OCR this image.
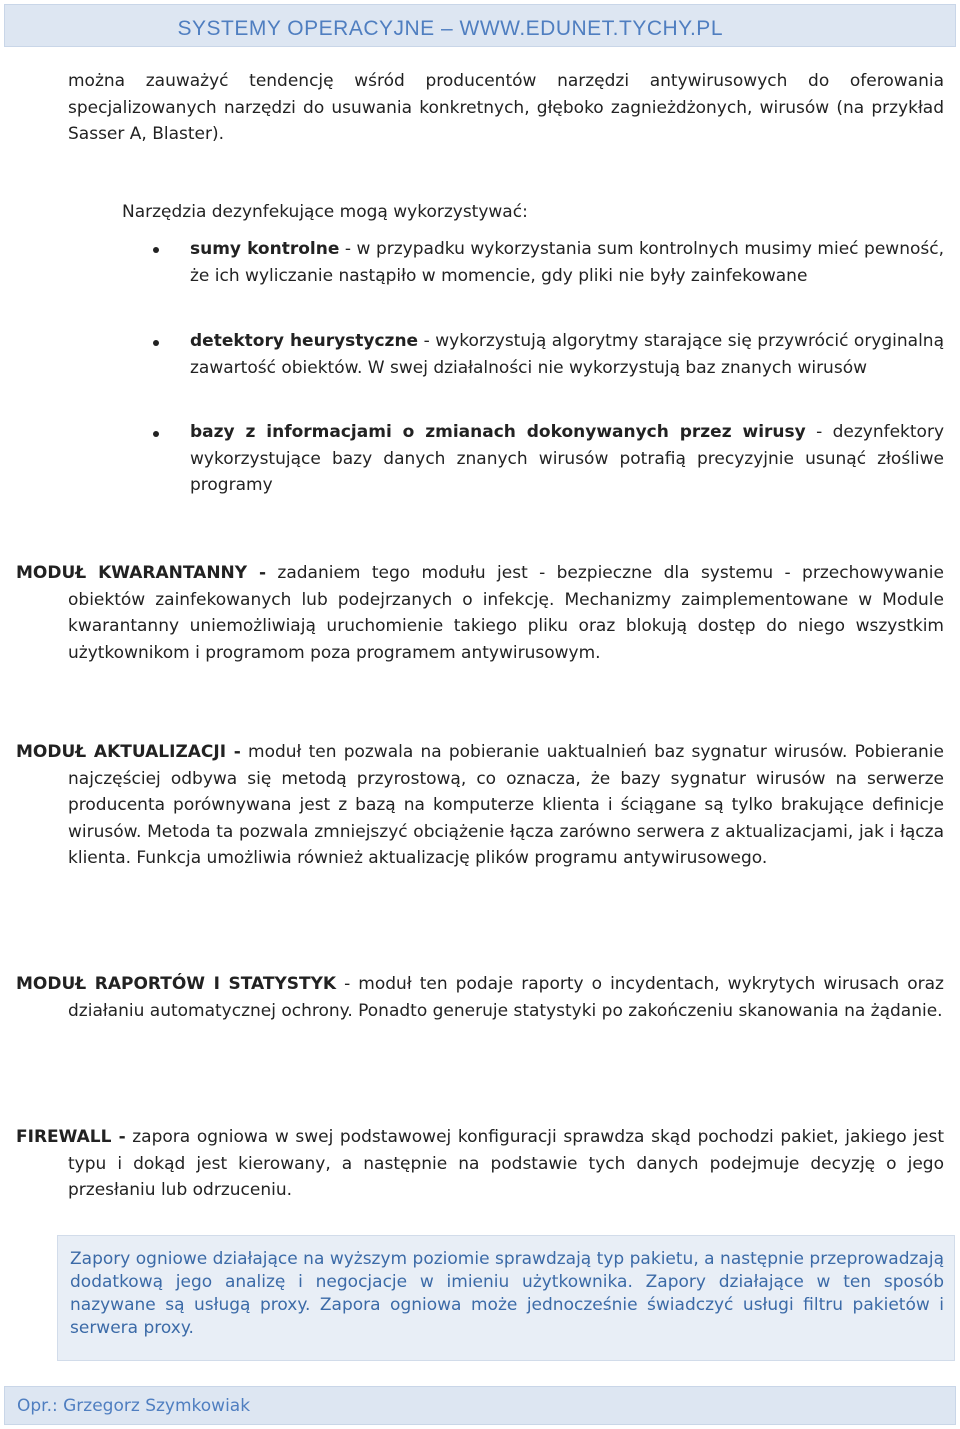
SYSTEMY OPERACYJNE – WWW.EDUNET.TYCHY.PL

można zauważyć tendencję wśród producentów narzędzi antywirusowych do oferowania specjalizowanych narzędzi do usuwania konkretnych, głęboko zagnieżdżonych, wirusów (na przykład Sasser A, Blaster).

Narzędzia dezynfekujące mogą wykorzystywać:

sumy kontrolne - w przypadku wykorzystania sum kontrolnych musimy mieć pewność, że ich wyliczanie nastąpiło w momencie, gdy pliki nie były zainfekowane
detektory heurystyczne - wykorzystują algorytmy starające się przywrócić oryginalną zawartość obiektów. W swej działalności nie wykorzystują baz znanych wirusów
bazy z informacjami o zmianach dokonywanych przez wirusy - dezynfektory wykorzystujące bazy danych znanych wirusów potrafią precyzyjnie usunąć złośliwe programy

MODUŁ KWARANTANNY - zadaniem tego modułu jest - bezpieczne dla systemu - przechowywanie obiektów zainfekowanych lub podejrzanych o infekcję. Mechanizmy zaimplementowane w Module kwarantanny uniemożliwiają uruchomienie takiego pliku oraz blokują dostęp do niego wszystkim użytkownikom i programom poza programem antywirusowym.

MODUŁ AKTUALIZACJI - moduł ten pozwala na pobieranie uaktualnień baz sygnatur wirusów. Pobieranie najczęściej odbywa się metodą przyrostową, co oznacza, że bazy sygnatur wirusów na serwerze producenta porównywana jest z bazą na komputerze klienta i ściągane są tylko brakujące definicje wirusów. Metoda ta pozwala zmniejszyć obciążenie łącza zarówno serwera z aktualizacjami, jak i łącza klienta. Funkcja umożliwia również aktualizację plików programu antywirusowego.

MODUŁ RAPORTÓW I STATYSTYK - moduł ten podaje raporty o incydentach, wykrytych wirusach oraz działaniu automatycznej ochrony. Ponadto generuje statystyki po zakończeniu skanowania na żądanie.

FIREWALL - zapora ogniowa w swej podstawowej konfiguracji sprawdza skąd pochodzi pakiet, jakiego jest typu i dokąd jest kierowany, a następnie na podstawie tych danych podejmuje decyzję o jego przesłaniu lub odrzuceniu.

Zapory ogniowe działające na wyższym poziomie sprawdzają typ pakietu, a następnie przeprowadzają dodatkową jego analizę i negocjacje w imieniu użytkownika. Zapory działające w ten sposób nazywane są usługą proxy. Zapora ogniowa może jednocześnie świadczyć usługi filtru pakietów i serwera proxy.
Opr.: Grzegorz Szymkowiak
